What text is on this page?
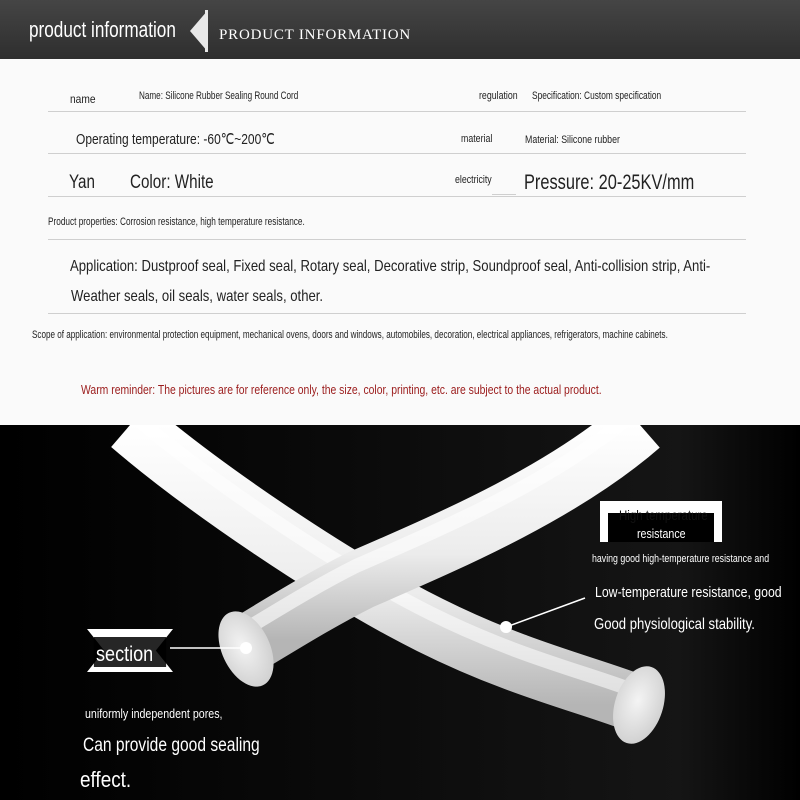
product information	PRODUCT INFORMATION
name	Name: Silicone Rubber Sealing Round Cord	regulation Specification: Custom specification
Operating temperature: -60℃~200℃	material	Material: Silicone rubber
Yan Color: White	electricity Pressure: 20-25KV/mm
Product properties: Corrosion resistance, high temperature resistance.
Application: Dustproof seal, Fixed seal, Rotary seal, Decorative strip, Soundproof seal, Anti-collision strip, Anti-
Weather seals, oil seals, water seals, other.
Scope of application: environmental protection equipment, mechanical ovens, doors and windows, automobiles, decoration, electrical appliances, refrigerators, machine cabinets.
Warm reminder: The pictures are for reference only, the size, color, printing, etc. are subject to the actual product.
section
uniformly independent pores,
Can provide good sealing
effect.
High temperature
resistance
having good high-temperature resistance and
Low-temperature resistance, good
Good physiological stability.
